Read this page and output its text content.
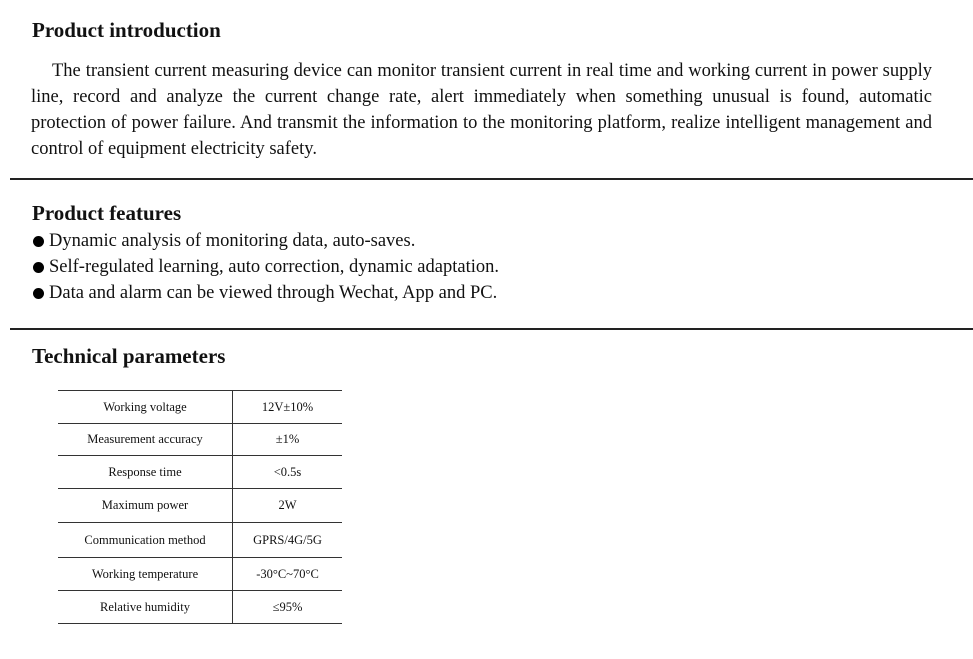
Product introduction

The transient current measuring device can monitor transient current in real time and working current in power supply line, record and analyze the current change rate, alert immediately when something unusual is found, automatic protection of power failure. And transmit the information to the monitoring platform, realize intelligent management and control of equipment electricity safety.

Product features
Dynamic analysis of monitoring data, auto-saves.
Self-regulated learning, auto correction, dynamic adaptation.
Data and alarm can be viewed through Wechat, App and PC.
Technical parameters
Working voltage	12V±10%
Measurement accuracy	±1%
Response time	<0.5s
Maximum power	2W
Communication method	GPRS/4G/5G
Working temperature	-30°C~70°C
Relative humidity	≤95%
